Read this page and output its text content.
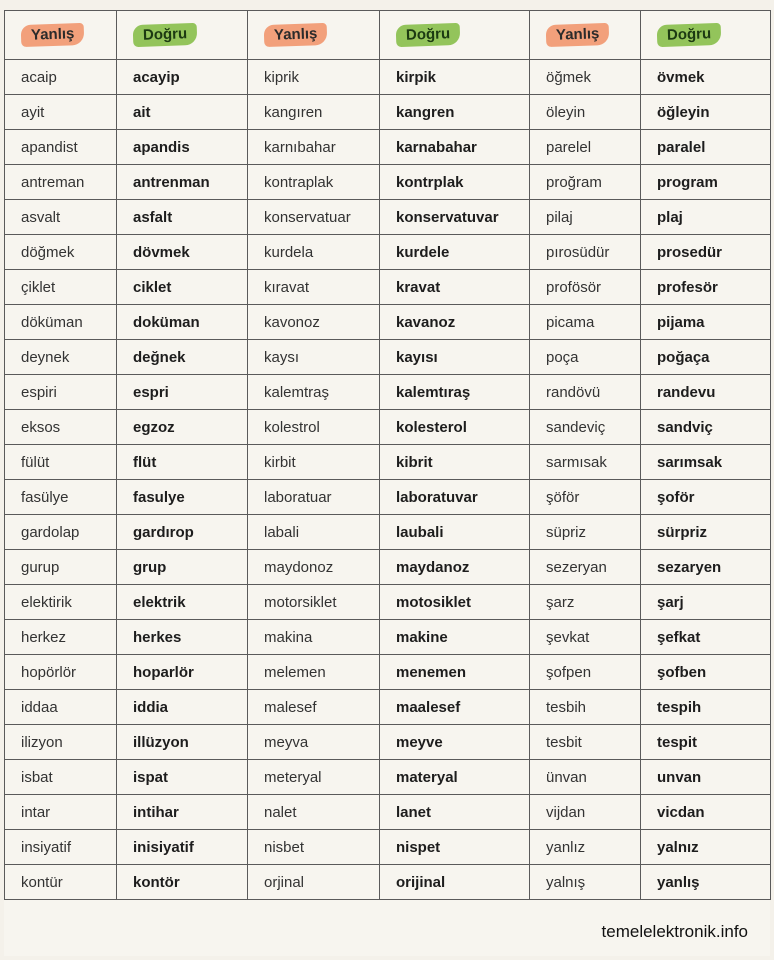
Yanlış	Doğru	Yanlış	Doğru	Yanlış	Doğru
acaip	acayip	kiprik	kirpik	öğmek	övmek
ayit	ait	kangıren	kangren	öleyin	öğleyin
apandist	apandis	karnıbahar	karnabahar	parelel	paralel
antreman	antrenman	kontraplak	kontrplak	proğram	program
asvalt	asfalt	konservatuar	konservatuvar	pilaj	plaj
döğmek	dövmek	kurdela	kurdele	pırosüdür	prosedür
çiklet	ciklet	kıravat	kravat	profösör	profesör
döküman	doküman	kavonoz	kavanoz	picama	pijama
deynek	değnek	kaysı	kayısı	poça	poğaça
espiri	espri	kalemtraş	kalemtıraş	randövü	randevu
eksos	egzoz	kolestrol	kolesterol	sandeviç	sandviç
fülüt	flüt	kirbit	kibrit	sarmısak	sarımsak
fasülye	fasulye	laboratuar	laboratuvar	şöför	şoför
gardolap	gardırop	labali	laubali	süpriz	sürpriz
gurup	grup	maydonoz	maydanoz	sezeryan	sezaryen
elektirik	elektrik	motorsiklet	motosiklet	şarz	şarj
herkez	herkes	makina	makine	şevkat	şefkat
hopörlör	hoparlör	melemen	menemen	şofpen	şofben
iddaa	iddia	malesef	maalesef	tesbih	tespih
ilizyon	illüzyon	meyva	meyve	tesbit	tespit
isbat	ispat	meteryal	materyal	ünvan	unvan
intar	intihar	nalet	lanet	vijdan	vicdan
insiyatif	inisiyatif	nisbet	nispet	yanlız	yalnız
kontür	kontör	orjinal	orijinal	yalnış	yanlış
temelelektronik.info
